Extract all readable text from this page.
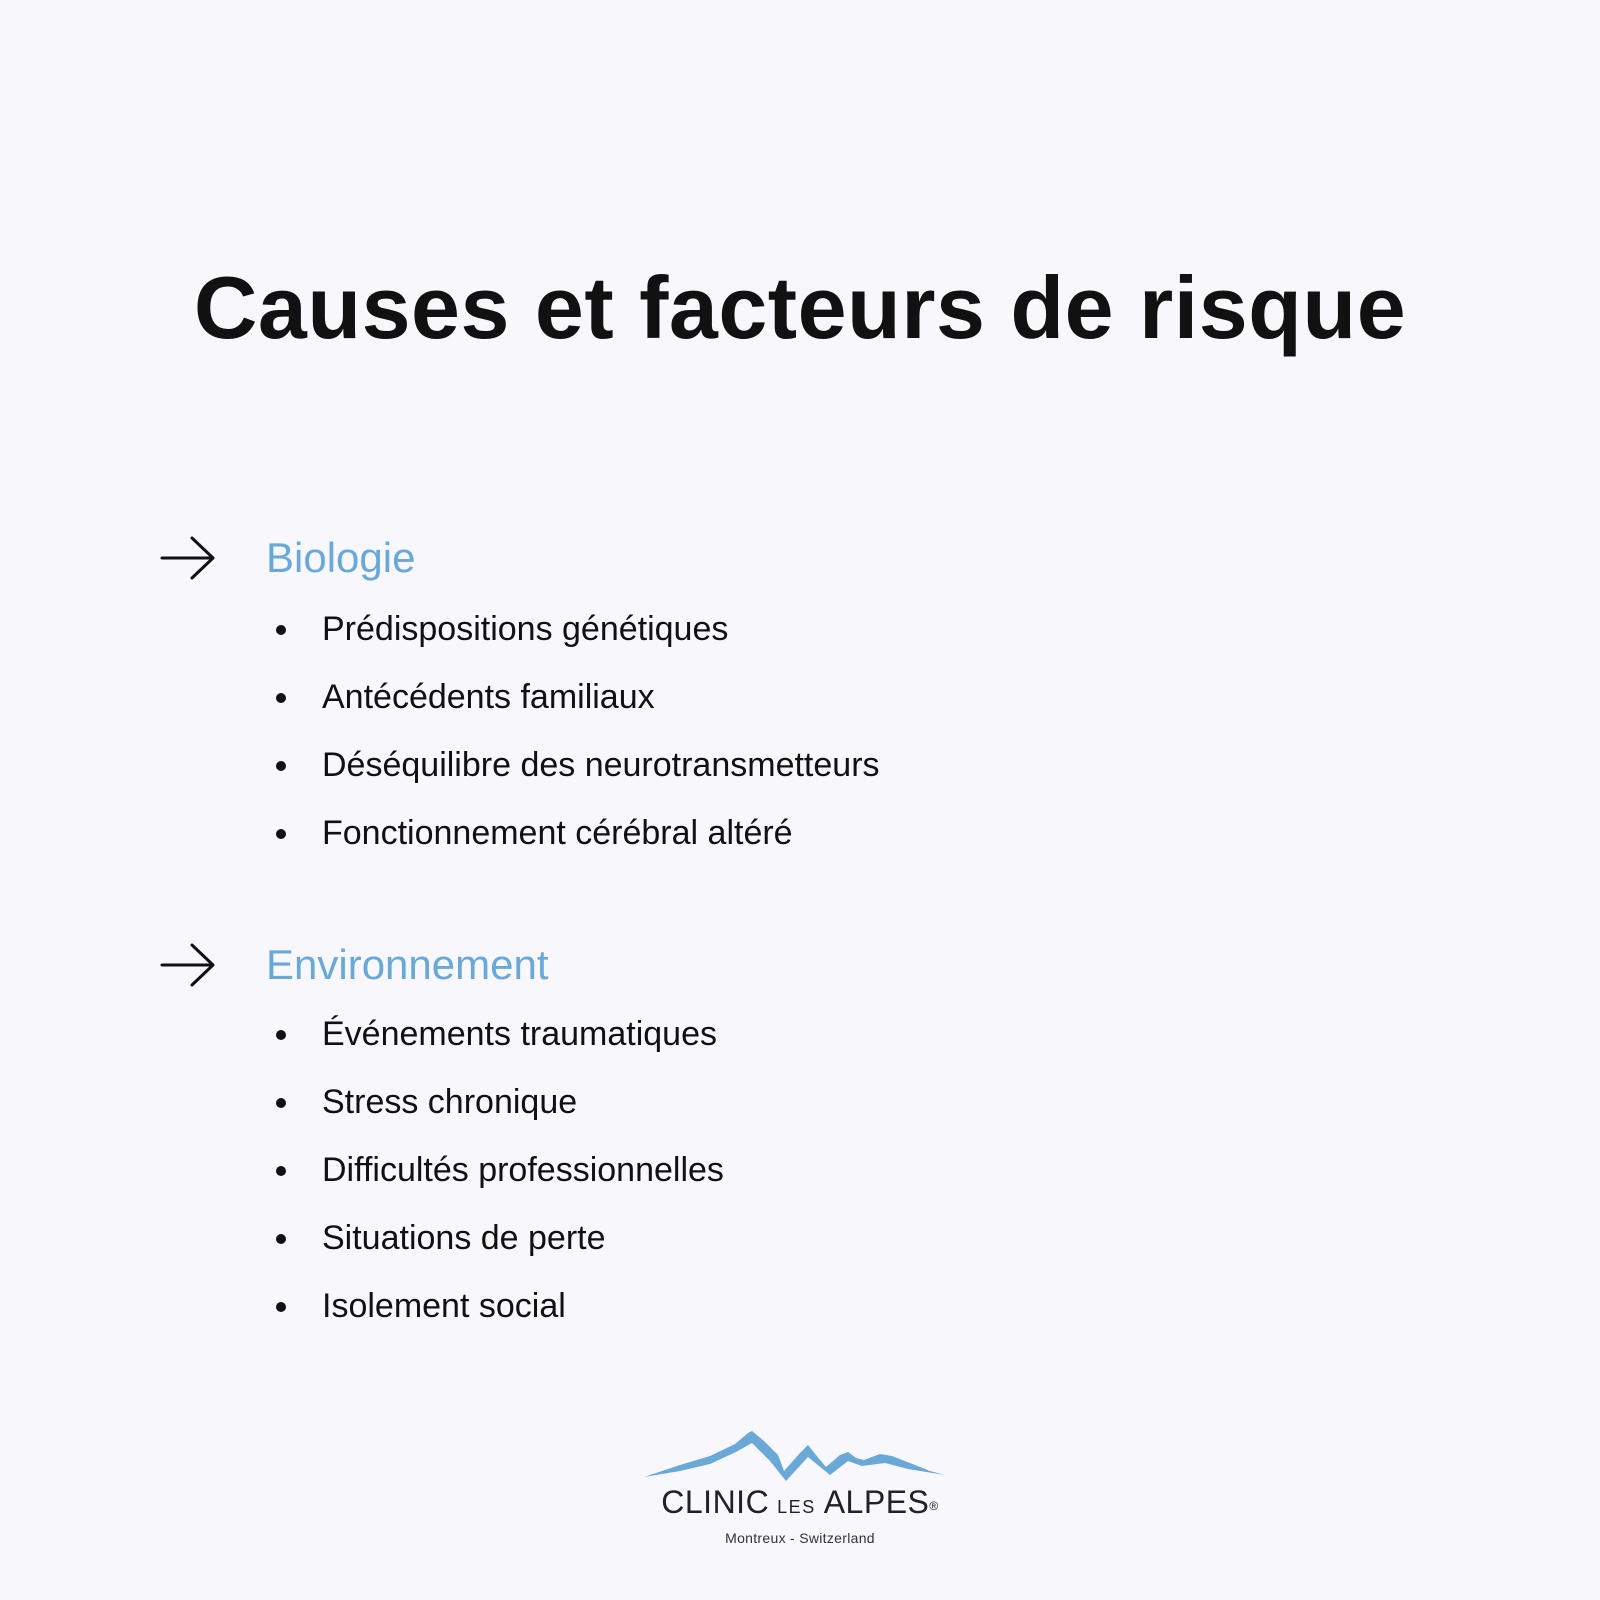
Causes et facteurs de risque
Biologie
Prédispositions génétiques
Antécédents familiaux
Déséquilibre des neurotransmetteurs
Fonctionnement cérébral altéré
Environnement
Événements traumatiques
Stress chronique
Difficultés professionnelles
Situations de perte
Isolement social
CLINIC LES ALPES®
Montreux - Switzerland
